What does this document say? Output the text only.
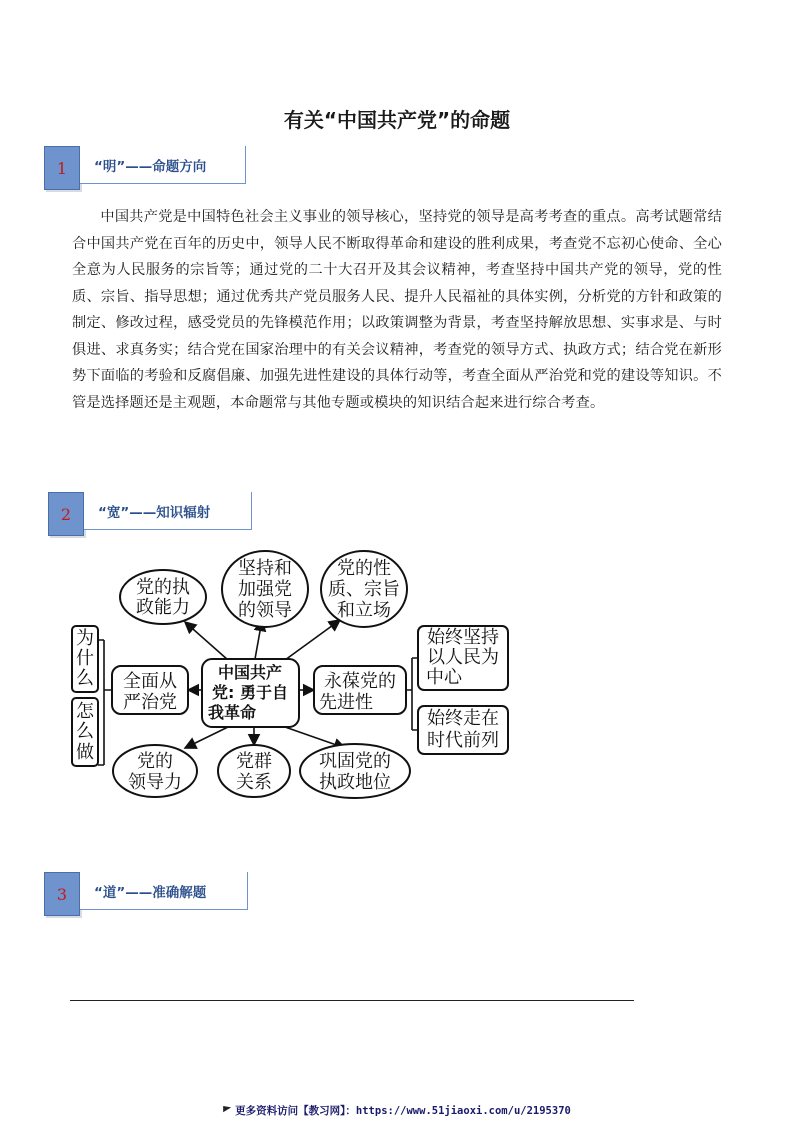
有关“中国共产党”的命题
1	“明”——命题方向
中国共产党是中国特色社会主义事业的领导核心，坚持党的领导是高考考查的重点。高考试题常结合中国共产党在百年的历史中，领导人民不断取得革命和建设的胜利成果，考查党不忘初心使命、全心全意为人民服务的宗旨等；通过党的二十大召开及其会议精神，考查坚持中国共产党的领导，党的性质、宗旨、指导思想；通过优秀共产党员服务人民、提升人民福祉的具体实例，分析党的方针和政策的制定、修改过程，感受党员的先锋模范作用；以政策调整为背景，考查坚持解放思想、实事求是、与时俱进、求真务实；结合党在国家治理中的有关会议精神，考查党的领导方式、执政方式；结合党在新形势下面临的考验和反腐倡廉、加强先进性建设的具体行动等，考查全面从严治党和党的建设等知识。不管是选择题还是主观题，本命题常与其他专题或模块的知识结合起来进行综合考查。
2	“宽”——知识辐射
中国共产
党: 勇于自
我革命
党的执
政能力
坚持和
加强党
的领导
党的性
质、宗旨
和立场
全面从
严治党
永葆党的
先进性
为
什
么
怎
么
做
始终坚持
以人民为
中心
始终走在
时代前列
党的
领导力
党群
关系
巩固党的
执政地位
3	“道”——准确解题
更多资料访问【教习网】：https://www.51jiaoxi.com/u/2195370
